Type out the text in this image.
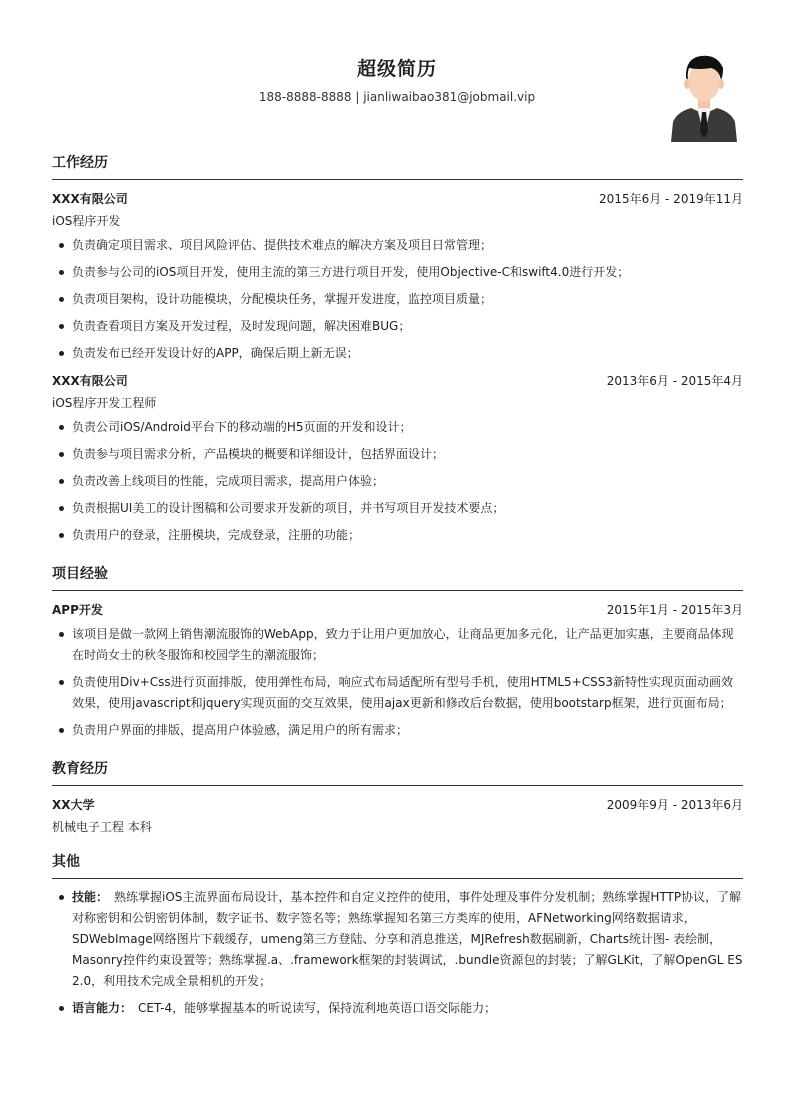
超级简历
188-8888-8888 | jianliwaibao381@jobmail.vip
工作经历
XXX有限公司	2015年6月 - 2019年11月
iOS程序开发
负责确定项目需求、项目风险评估、提供技术难点的解决方案及项目日常管理；
负责参与公司的iOS项目开发，使用主流的第三方进行项目开发，使用Objective-C和swift4.0进行开发；
负责项目架构，设计功能模块，分配模块任务，掌握开发进度，监控项目质量；
负责查看项目方案及开发过程，及时发现问题，解决困难BUG；
负责发布已经开发设计好的APP，确保后期上新无误；
XXX有限公司	2013年6月 - 2015年4月
iOS程序开发工程师
负责公司iOS/Android平台下的移动端的H5页面的开发和设计；
负责参与项目需求分析，产品模块的概要和详细设计，包括界面设计；
负责改善上线项目的性能，完成项目需求，提高用户体验；
负责根据UI美工的设计图稿和公司要求开发新的项目，并书写项目开发技术要点；
负责用户的登录，注册模块，完成登录，注册的功能；
项目经验
APP开发	2015年1月 - 2015年3月
该项目是做一款网上销售潮流服饰的WebApp，致力于让用户更加放心，让商品更加多元化，让产品更加实惠，主要商品体现在时尚女士的秋冬服饰和校园学生的潮流服饰；
负责使用Div+Css进行页面排版，使用弹性布局，响应式布局适配所有型号手机，使用HTML5+CSS3新特性实现页面动画效效果，使用javascript和jquery实现页面的交互效果，使用ajax更新和修改后台数据，使用bootstarp框架，进行页面布局；
负责用户界面的排版，提高用户体验感，满足用户的所有需求；
教育经历
XX大学	2009年9月 - 2013年6月
机械电子工程 本科
其他
技能： 熟练掌握iOS主流界面布局设计，基本控件和自定义控件的使用，事件处理及事件分发机制；熟练掌握HTTP协议，了解对称密钥和公钥密钥体制，数字证书、数字签名等；熟练掌握知名第三方类库的使用，AFNetworking网络数据请求，SDWebImage网络图片下载缓存，umeng第三方登陆、分享和消息推送，MJRefresh数据刷新，Charts统计图- 表绘制，Masonry控件约束设置等；熟练掌握.a、.framework框架的封装调试，.bundle资源包的封装；了解GLKit，了解OpenGL ES 2.0，利用技术完成全景相机的开发；
语言能力： CET-4，能够掌握基本的听说读写，保持流利地英语口语交际能力；
